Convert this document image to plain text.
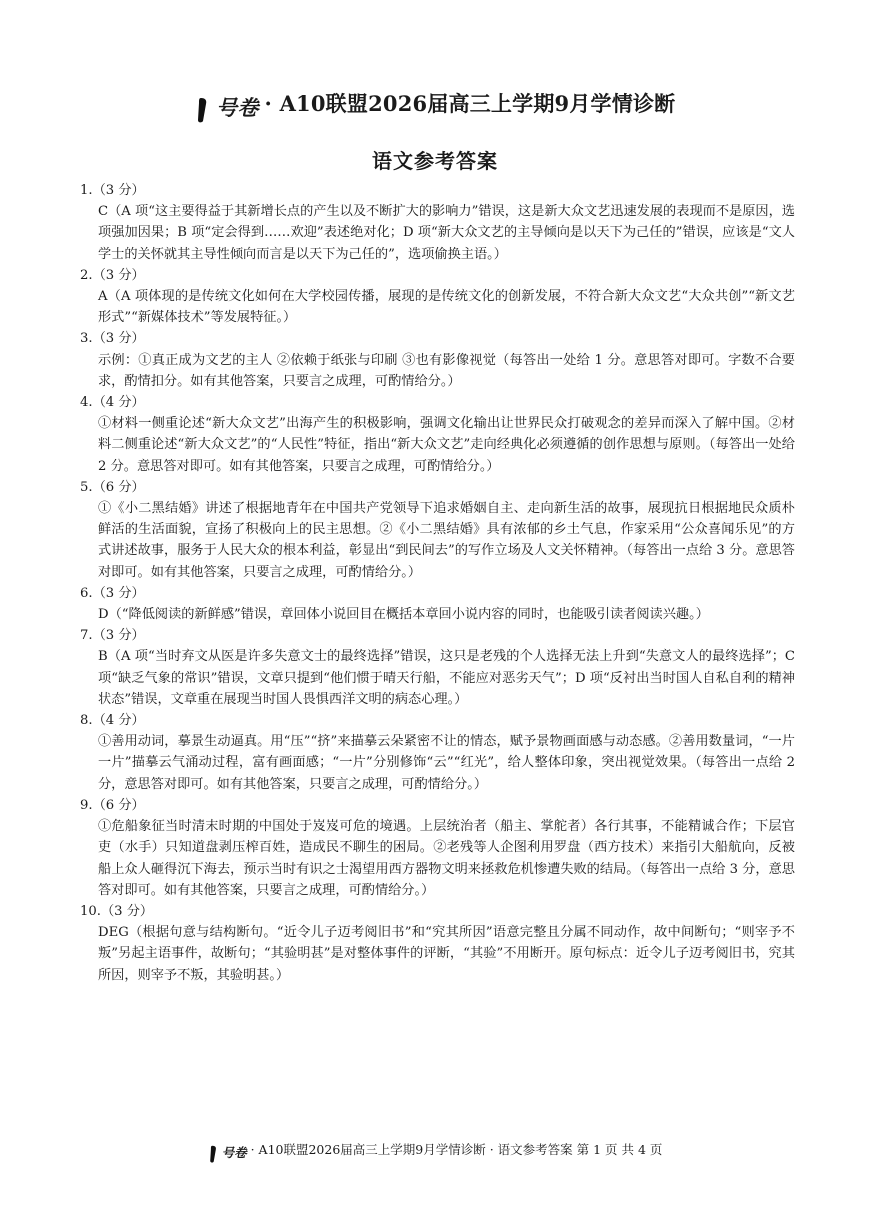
号卷 · A10联盟2026届高三上学期9月学情诊断
语文参考答案
1.（3 分）
C（A 项“这主要得益于其新增长点的产生以及不断扩大的影响力”错误，这是新大众文艺迅速发展的表现而不是原因，选项强加因果；B 项“定会得到……欢迎”表述绝对化；D 项“新大众文艺的主导倾向是以天下为己任的”错误，应该是“文人学士的关怀就其主导性倾向而言是以天下为己任的”，选项偷换主语。）
2.（3 分）
A（A 项体现的是传统文化如何在大学校园传播，展现的是传统文化的创新发展，不符合新大众文艺“大众共创”“新文艺形式”“新媒体技术”等发展特征。）
3.（3 分）
示例：①真正成为文艺的主人 ②依赖于纸张与印刷 ③也有影像视觉（每答出一处给 1 分。意思答对即可。字数不合要求，酌情扣分。如有其他答案，只要言之成理，可酌情给分。）
4.（4 分）
①材料一侧重论述“新大众文艺”出海产生的积极影响，强调文化输出让世界民众打破观念的差异而深入了解中国。②材料二侧重论述“新大众文艺”的“人民性”特征，指出“新大众文艺”走向经典化必须遵循的创作思想与原则。（每答出一处给 2 分。意思答对即可。如有其他答案，只要言之成理，可酌情给分。）
5.（6 分）
①《小二黑结婚》讲述了根据地青年在中国共产党领导下追求婚姻自主、走向新生活的故事，展现抗日根据地民众质朴鲜活的生活面貌，宣扬了积极向上的民主思想。②《小二黑结婚》具有浓郁的乡土气息，作家采用“公众喜闻乐见”的方式讲述故事，服务于人民大众的根本利益，彰显出“到民间去”的写作立场及人文关怀精神。（每答出一点给 3 分。意思答对即可。如有其他答案，只要言之成理，可酌情给分。）
6.（3 分）
D（“降低阅读的新鲜感”错误，章回体小说回目在概括本章回小说内容的同时，也能吸引读者阅读兴趣。）
7.（3 分）
B（A 项“当时弃文从医是许多失意文士的最终选择”错误，这只是老残的个人选择无法上升到“失意文人的最终选择”；C 项“缺乏气象的常识”错误，文章只提到“他们惯于晴天行船，不能应对恶劣天气”；D 项“反衬出当时国人自私自利的精神状态”错误，文章重在展现当时国人畏惧西洋文明的病态心理。）
8.（4 分）
①善用动词，摹景生动逼真。用“压”“挤”来描摹云朵紧密不让的情态，赋予景物画面感与动态感。②善用数量词，“一片一片”描摹云气涌动过程，富有画面感；“一片”分别修饰“云”“红光”，给人整体印象，突出视觉效果。（每答出一点给 2 分，意思答对即可。如有其他答案，只要言之成理，可酌情给分。）
9.（6 分）
①危船象征当时清末时期的中国处于岌岌可危的境遇。上层统治者（船主、掌舵者）各行其事，不能精诚合作；下层官吏（水手）只知道盘剥压榨百姓，造成民不聊生的困局。②老残等人企图利用罗盘（西方技术）来指引大船航向，反被船上众人砸得沉下海去，预示当时有识之士渴望用西方器物文明来拯救危机惨遭失败的结局。（每答出一点给 3 分，意思答对即可。如有其他答案，只要言之成理，可酌情给分。）
10.（3 分）
DEG（根据句意与结构断句。“近令儿子迈考阅旧书”和“究其所因”语意完整且分属不同动作，故中间断句；“则宰予不叛”另起主语事件，故断句；“其验明甚”是对整体事件的评断，“其验”不用断开。原句标点：近令儿子迈考阅旧书，究其所因，则宰予不叛，其验明甚。）
号卷 · A10联盟2026届高三上学期9月学情诊断 · 语文参考答案 第 1 页 共 4 页
